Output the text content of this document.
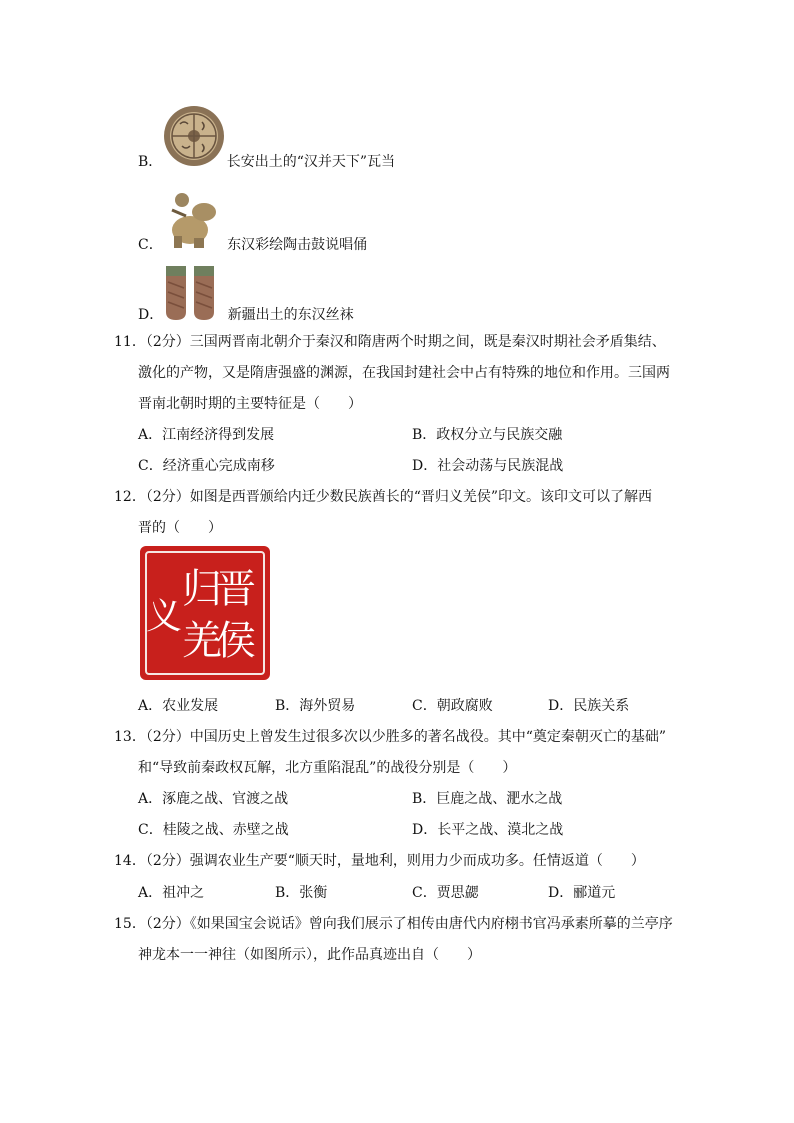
B．	长安出土的“汉并天下”瓦当
C．	东汉彩绘陶击鼓说唱俑
D．	新疆出土的东汉丝袜
11．（2分）三国两晋南北朝介于秦汉和隋唐两个时期之间，既是秦汉时期社会矛盾集结、
激化的产物，又是隋唐强盛的渊源，在我国封建社会中占有特殊的地位和作用。三国两
晋南北朝时期的主要特征是（　　）
A．江南经济得到发展	B．政权分立与民族交融
C．经济重心完成南移	D．社会动荡与民族混战
12．（2分）如图是西晋颁给内迁少数民族酋长的“晋归义羌侯”印文。该印文可以了解西
晋的（　　）
晋
侯
归
羌
义
A．农业发展	B．海外贸易	C．朝政腐败	D．民族关系
13．（2分）中国历史上曾发生过很多次以少胜多的著名战役。其中“奠定秦朝灭亡的基础”
和“导致前秦政权瓦解，北方重陷混乱”的战役分别是（　　）
A．涿鹿之战、官渡之战	B．巨鹿之战、淝水之战
C．桂陵之战、赤壁之战	D．长平之战、漠北之战
14．（2分）强调农业生产要“顺天时，量地利，则用力少而成功多。任情返道（　　）
A．祖冲之	B．张衡	C．贾思勰	D．郦道元
15．（2分）《如果国宝会说话》曾向我们展示了相传由唐代内府栩书官冯承素所摹的兰亭序
神龙本一一神往（如图所示），此作品真迹出自（　　）
